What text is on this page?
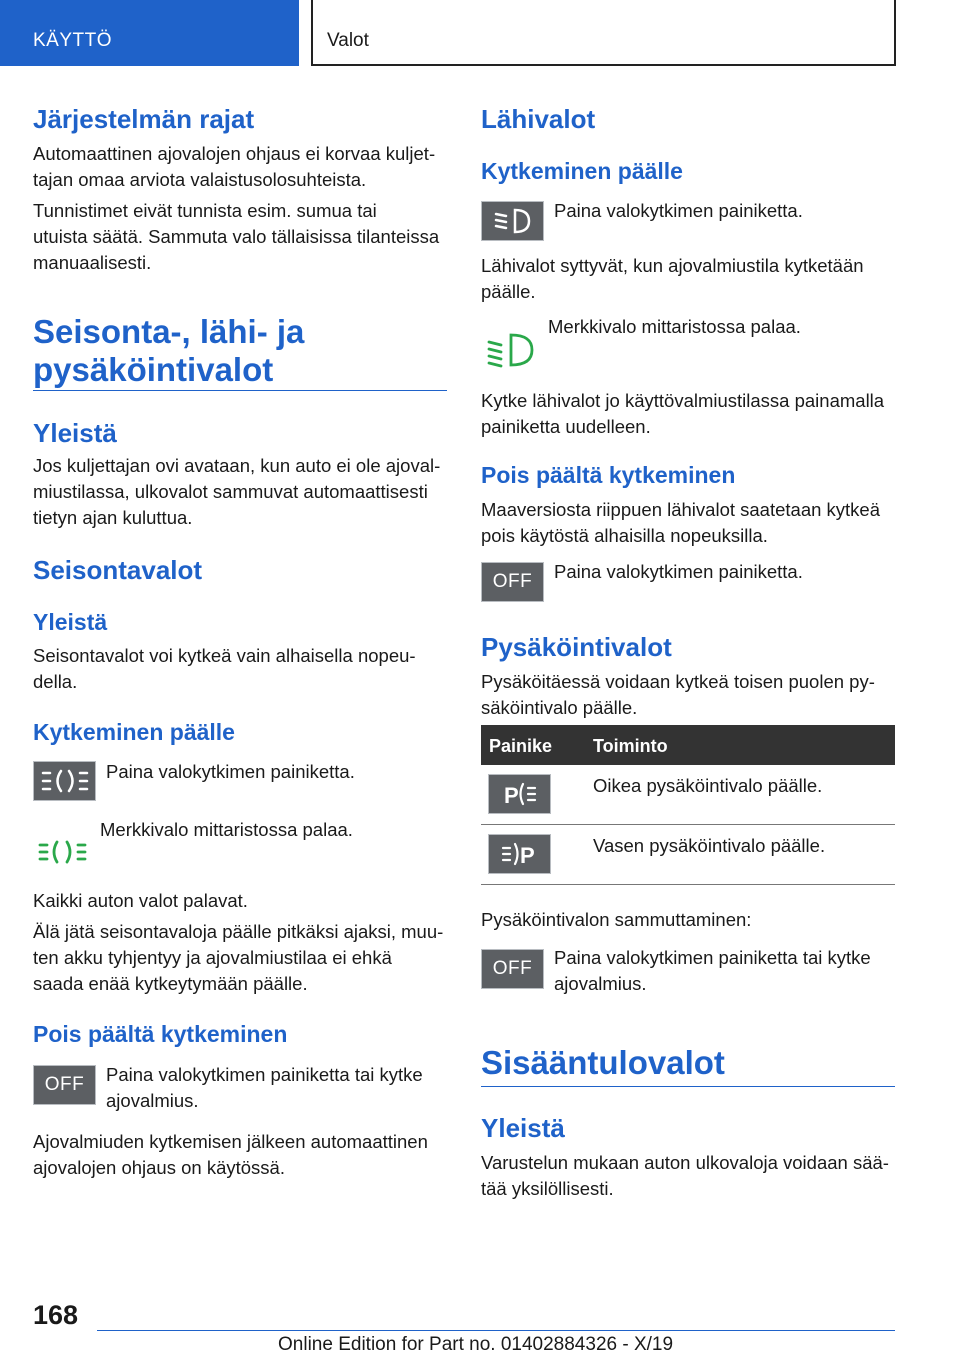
KÄYTTÖ	Valot
Järjestelmän rajat
Automaattinen ajovalojen ohjaus ei korvaa kuljet-
tajan omaa arviota valaistusolosuhteista.
Tunnistimet eivät tunnista esim. sumua tai
utuista säätä. Sammuta valo tällaisissa tilanteissa
manuaalisesti.
Seisonta-, lähi- ja
pysäköintivalot
Yleistä
Jos kuljettajan ovi avataan, kun auto ei ole ajoval-
miustilassa, ulkovalot sammuvat automaattisesti
tietyn ajan kuluttua.
Seisontavalot
Yleistä
Seisontavalot voi kytkeä vain alhaisella nopeu-
della.
Kytkeminen päälle
Paina valokytkimen painiketta.
Merkkivalo mittaristossa palaa.
Kaikki auton valot palavat.
Älä jätä seisontavaloja päälle pitkäksi ajaksi, muu-
ten akku tyhjentyy ja ajovalmiustilaa ei ehkä
saada enää kytkeytymään päälle.
Pois päältä kytkeminen
OFF Paina valokytkimen painiketta tai kytke
ajovalmius.
Ajovalmiuden kytkemisen jälkeen automaattinen
ajovalojen ohjaus on käytössä.
Lähivalot
Kytkeminen päälle
Paina valokytkimen painiketta.
Lähivalot syttyvät, kun ajovalmiustila kytketään
päälle.
Merkkivalo mittaristossa palaa.
Kytke lähivalot jo käyttövalmiustilassa painamalla
painiketta uudelleen.
Pois päältä kytkeminen
Maaversiosta riippuen lähivalot saatetaan kytkeä
pois käytöstä alhaisilla nopeuksilla.
OFF Paina valokytkimen painiketta.
Pysäköintivalot
Pysäköitäessä voidaan kytkeä toisen puolen py-
säköintivalo päälle.
Painike Toiminto
P	Oikea pysäköintivalo päälle.
P	Vasen pysäköintivalo päälle.
Pysäköintivalon sammuttaminen:
OFF
Paina valokytkimen painiketta tai kytke
ajovalmius.
Sisääntulovalot
Yleistä
Varustelun mukaan auton ulkovaloja voidaan sää-
tää yksilöllisesti.
168
Online Edition for Part no. 01402884326 - X/19
